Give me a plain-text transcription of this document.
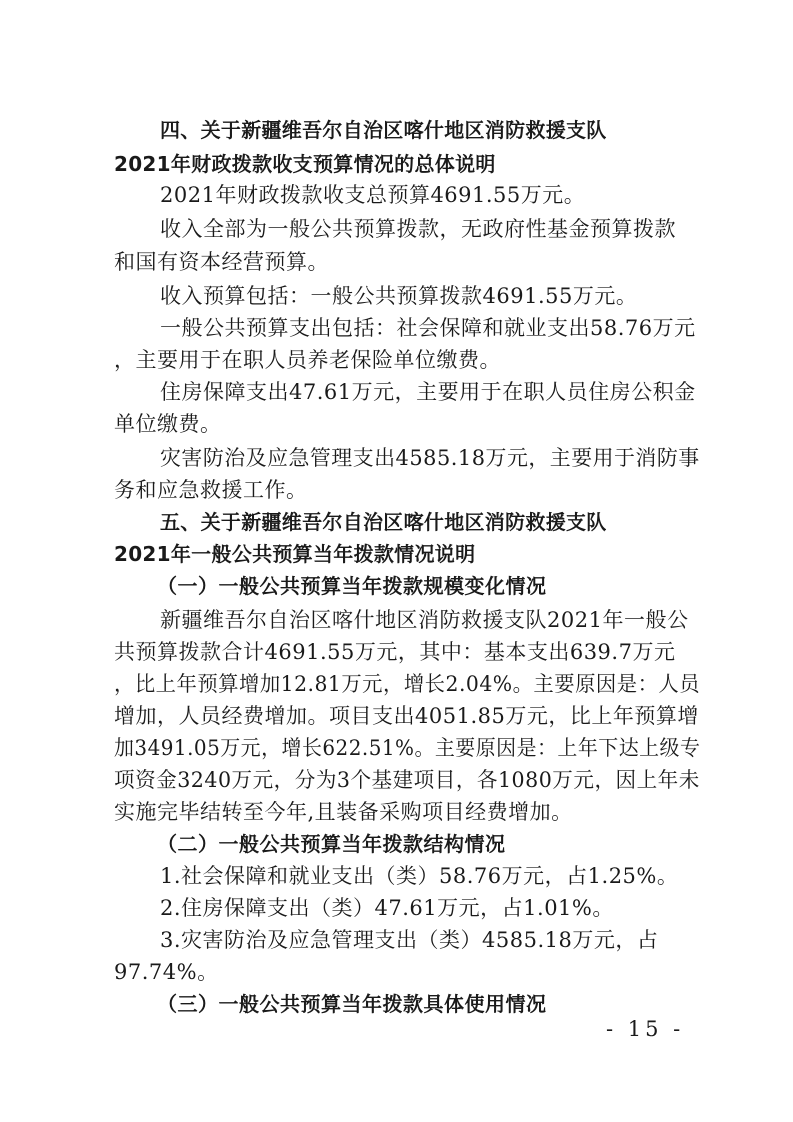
四、关于新疆维吾尔自治区喀什地区消防救援支队
2021年财政拨款收支预算情况的总体说明
2021年财政拨款收支总预算4691.55万元。
收入全部为一般公共预算拨款，无政府性基金预算拨款
和国有资本经营预算。
收入预算包括：一般公共预算拨款4691.55万元。
一般公共预算支出包括：社会保障和就业支出58.76万元
，主要用于在职人员养老保险单位缴费。
住房保障支出47.61万元，主要用于在职人员住房公积金
单位缴费。
灾害防治及应急管理支出4585.18万元，主要用于消防事
务和应急救援工作。
五、关于新疆维吾尔自治区喀什地区消防救援支队
2021年一般公共预算当年拨款情况说明
（一）一般公共预算当年拨款规模变化情况
新疆维吾尔自治区喀什地区消防救援支队2021年一般公
共预算拨款合计4691.55万元，其中：基本支出639.7万元
，比上年预算增加12.81万元，增长2.04%。主要原因是：人员
增加，人员经费增加。项目支出4051.85万元，比上年预算增
加3491.05万元，增长622.51%。主要原因是：上年下达上级专
项资金3240万元，分为3个基建项目，各1080万元，因上年未
实施完毕结转至今年,且装备采购项目经费增加。
（二）一般公共预算当年拨款结构情况
1.社会保障和就业支出（类）58.76万元，占1.25%。
2.住房保障支出（类）47.61万元，占1.01%。
3.灾害防治及应急管理支出（类）4585.18万元，占
97.74%。
（三）一般公共预算当年拨款具体使用情况
- 15 -
